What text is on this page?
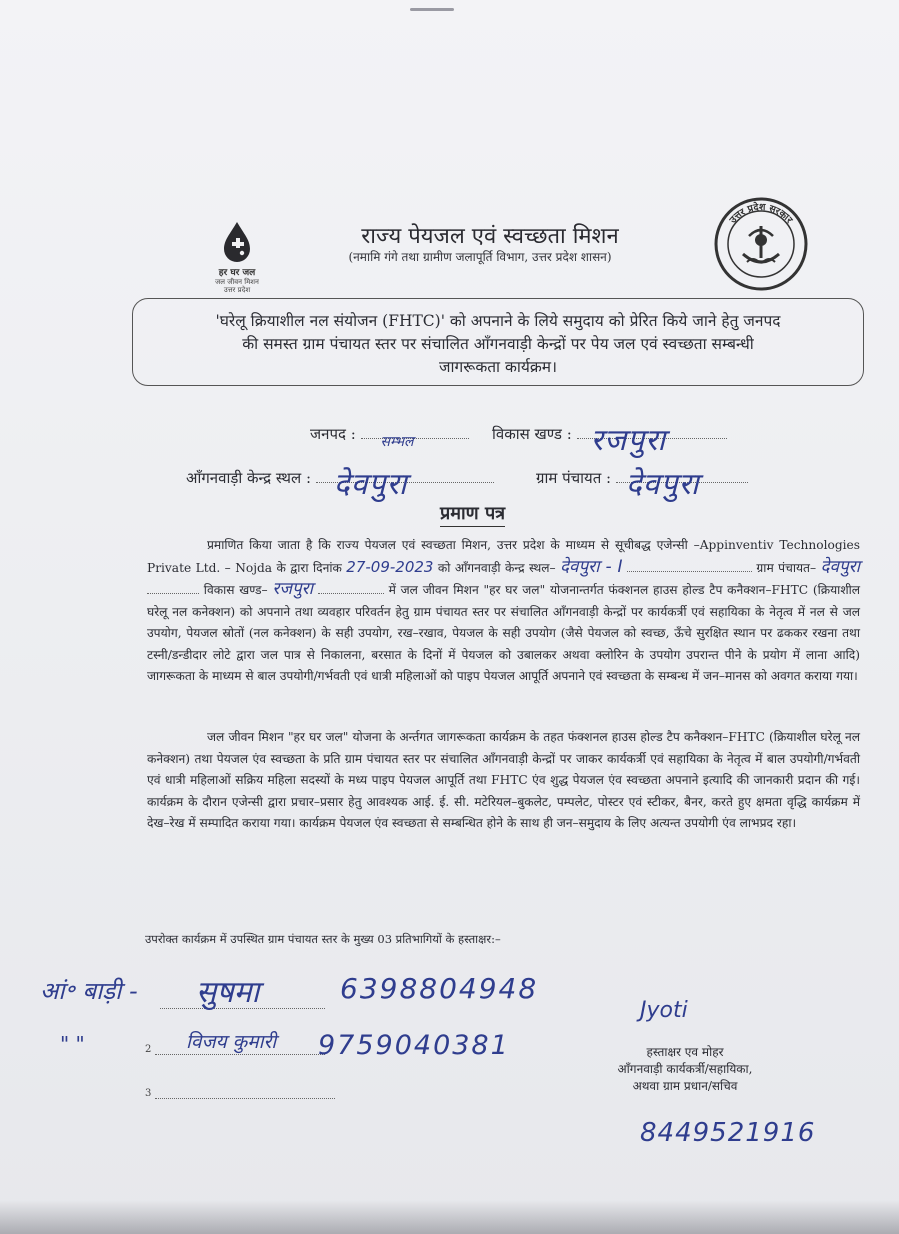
हर घर जल
जल जीवन मिशन
उत्तर प्रदेश
उत्तर प्रदेश सरकार
राज्य पेयजल एवं स्वच्छता मिशन
(नमामि गंगे तथा ग्रामीण जलापूर्ति विभाग, उत्तर प्रदेश शासन)
'घरेलू क्रियाशील नल संयोजन (FHTC)' को अपनाने के लिये समुदाय को प्रेरित किये जाने हेतु जनपद
की समस्त ग्राम पंचायत स्तर पर संचालित आँगनवाड़ी केन्द्रों पर पेय जल एवं स्वच्छता सम्बन्धी
जागरूकता कार्यक्रम।
जनपद : सम्भल	विकास खण्ड : रजपुरा
आँगनवाड़ी केन्द्र स्थल : देवपुरा	ग्राम पंचायत : देवपुरा
प्रमाण पत्र
प्रमाणित किया जाता है कि राज्य पेयजल एवं स्वच्छता मिशन, उत्तर प्रदेश के माध्यम से सूचीबद्ध एजेन्सी –Appinventiv Technologies Private Ltd. – Nojda के द्वारा दिनांक 27-09-2023 को आँगनवाड़ी केन्द्र स्थल– देवपुरा - I	ग्राम पंचायत– देवपुरा  विकास खण्ड– रजपुरा	में जल जीवन मिशन "हर घर जल" योजनान्तर्गत फंक्शनल हाउस होल्ड टैप कनैक्शन–FHTC (क्रियाशील घरेलू नल कनेक्शन) को अपनाने तथा व्यवहार परिवर्तन हेतु ग्राम पंचायत स्तर पर संचालित आँगनवाड़ी केन्द्रों पर कार्यकर्त्री एवं सहायिका के नेतृत्व में नल से जल उपयोग, पेयजल स्रोतों (नल कनेक्शन) के सही उपयोग, रख–रखाव, पेयजल के सही उपयोग (जैसे पेयजल को स्वच्छ, ऊँचे सुरक्षित स्थान पर ढककर रखना तथा टस्नी/डन्डीदार लोटे द्वारा जल पात्र से निकालना, बरसात के दिनों में पेयजल को उबालकर अथवा क्लोरिन के उपयोग उपरान्त पीने के प्रयोग में लाना आदि) जागरूकता के माध्यम से बाल उपयोगी/गर्भवती एवं धात्री महिलाओं को पाइप पेयजल आपूर्ति अपनाने एवं स्वच्छता के सम्बन्ध में जन–मानस को अवगत कराया गया।
जल जीवन मिशन "हर घर जल" योजना के अर्न्तगत जागरूकता कार्यक्रम के तहत फंक्शनल हाउस होल्ड टैप कनैक्शन–FHTC (क्रियाशील घरेलू नल कनेक्शन) तथा पेयजल एंव स्वच्छता के प्रति ग्राम पंचायत स्तर पर संचालित आँगनवाड़ी केन्द्रों पर जाकर कार्यकर्त्री एवं सहायिका के नेतृत्व में बाल उपयोगी/गर्भवती एवं धात्री महिलाओं सक्रिय महिला सदस्यों के मध्य पाइप पेयजल आपूर्ति तथा FHTC एंव शुद्ध पेयजल एंव स्वच्छता अपनाने इत्यादि की जानकारी प्रदान की गई। कार्यक्रम के दौरान एजेन्सी द्वारा प्रचार–प्रसार हेतु आवश्यक आई. ई. सी. मटेरियल–बुकलेट, पम्पलेट, पोस्टर एवं स्टीकर, बैनर, करते हुए क्षमता वृद्धि कार्यक्रम में देख–रेख में सम्पादित कराया गया। कार्यक्रम पेयजल एंव स्वच्छता से सम्बन्धित होने के साथ ही जन–समुदाय के लिए अत्यन्त उपयोगी एंव लाभप्रद रहा।
उपरोक्त कार्यक्रम में उपस्थित ग्राम पंचायत स्तर के मुख्य 03 प्रतिभागियों के हस्ताक्षर:–
आं॰ बाड़ी - सुषमा	6398804948
" "	2 विजय कुमारी 9759040381
3
Jyoti
हस्ताक्षर एव मोहर
आँगनवाड़ी कार्यकर्त्री/सहायिका,
अथवा ग्राम प्रधान/सचिव
8449521916
